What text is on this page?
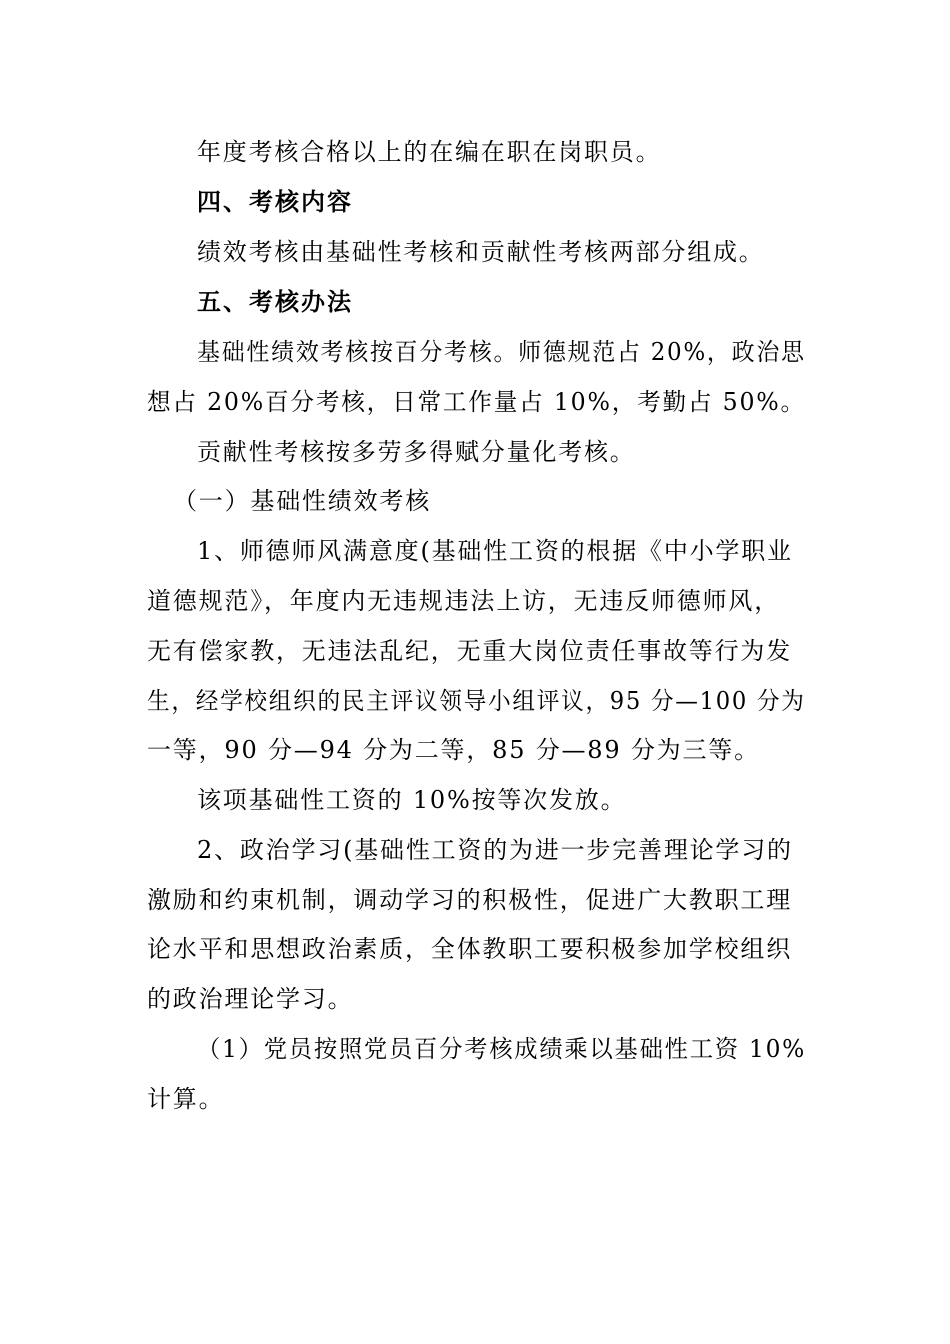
年度考核合格以上的在编在职在岗职员。
四、考核内容
绩效考核由基础性考核和贡献性考核两部分组成。
五、考核办法
基础性绩效考核按百分考核。师德规范占 20%，政治思
想占 20%百分考核，日常工作量占 10%，考勤占 50%。
贡献性考核按多劳多得赋分量化考核。
（一）基础性绩效考核
1、师德师风满意度(基础性工资的根据《中小学职业
道德规范》，年度内无违规违法上访，无违反师德师风，
无有偿家教，无违法乱纪，无重大岗位责任事故等行为发
生，经学校组织的民主评议领导小组评议，95 分—100 分为
一等，90 分—94 分为二等，85 分—89 分为三等。
该项基础性工资的 10%按等次发放。
2、政治学习(基础性工资的为进一步完善理论学习的
激励和约束机制，调动学习的积极性，促进广大教职工理
论水平和思想政治素质，全体教职工要积极参加学校组织
的政治理论学习。
（1）党员按照党员百分考核成绩乘以基础性工资 10%
计算。
